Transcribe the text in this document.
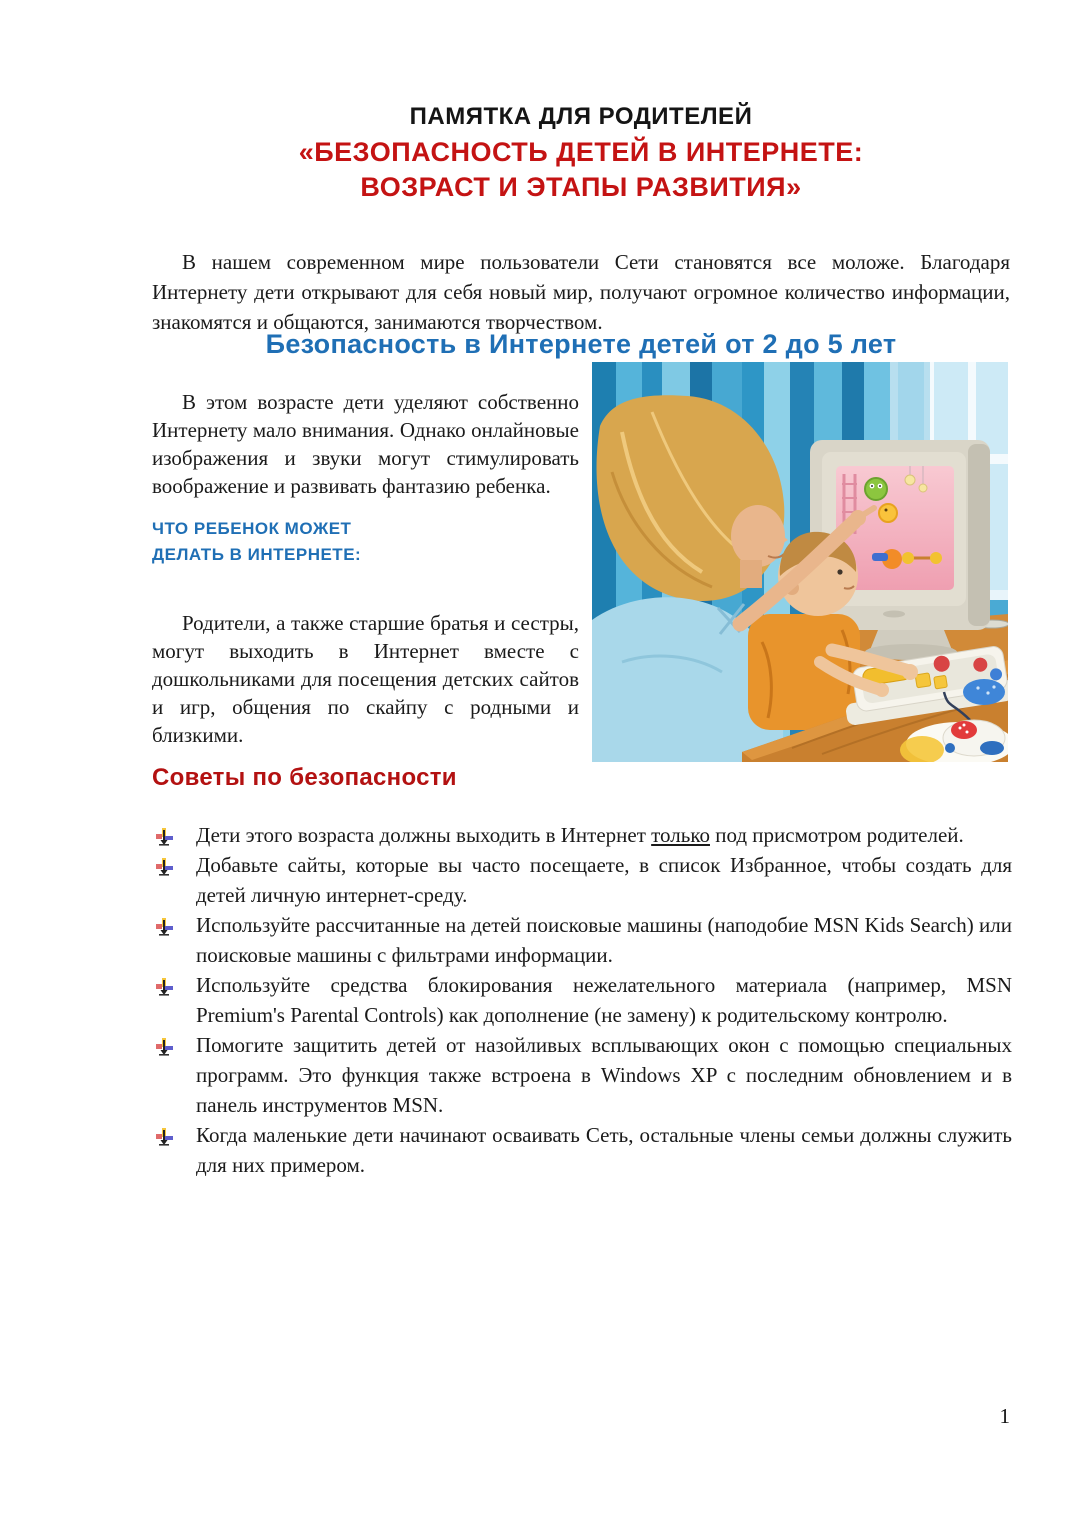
ПАМЯТКА ДЛЯ РОДИТЕЛЕЙ
«БЕЗОПАСНОСТЬ ДЕТЕЙ В ИНТЕРНЕТЕ:
ВОЗРАСТ И ЭТАПЫ РАЗВИТИЯ»

В нашем современном мире пользователи Сети становятся все моложе. Благодаря Интернету дети открывают для себя новый мир, получают огромное количество информации, знакомятся и общаются, занимаются творчеством.

Безопасность в Интернете детей от 2 до 5 лет

В этом возрасте дети уделяют собственно Интернету мало внимания. Однако онлайновые изображения и звуки могут стимулировать воображение и развивать фантазию ребенка.

ЧТО РЕБЕНОК МОЖЕТ
ДЕЛАТЬ В ИНТЕРНЕТЕ:

Родители, а также старшие братья и сестры, могут выходить в Интернет вместе с дошкольниками для посещения детских сайтов и игр, общения по скайпу с родными и близкими.

Советы по безопасности
Дети этого возраста должны выходить в Интернет только под присмотром родителей.
Добавьте сайты, которые вы часто посещаете, в список Избранное, чтобы создать для детей личную интернет-среду.
Используйте рассчитанные на детей поисковые машины (наподобие MSN Kids Search) или поисковые машины с фильтрами информации.
Используйте средства блокирования нежелательного материала (например, MSN Premium's Parental Controls) как дополнение (не замену) к родительскому контролю.
Помогите защитить детей от назойливых всплывающих окон с помощью специальных программ. Это функция также встроена в Windows XP с последним обновлением и в панель инструментов MSN.
Когда маленькие дети начинают осваивать Сеть, остальные члены семьи должны служить для них примером.
1
